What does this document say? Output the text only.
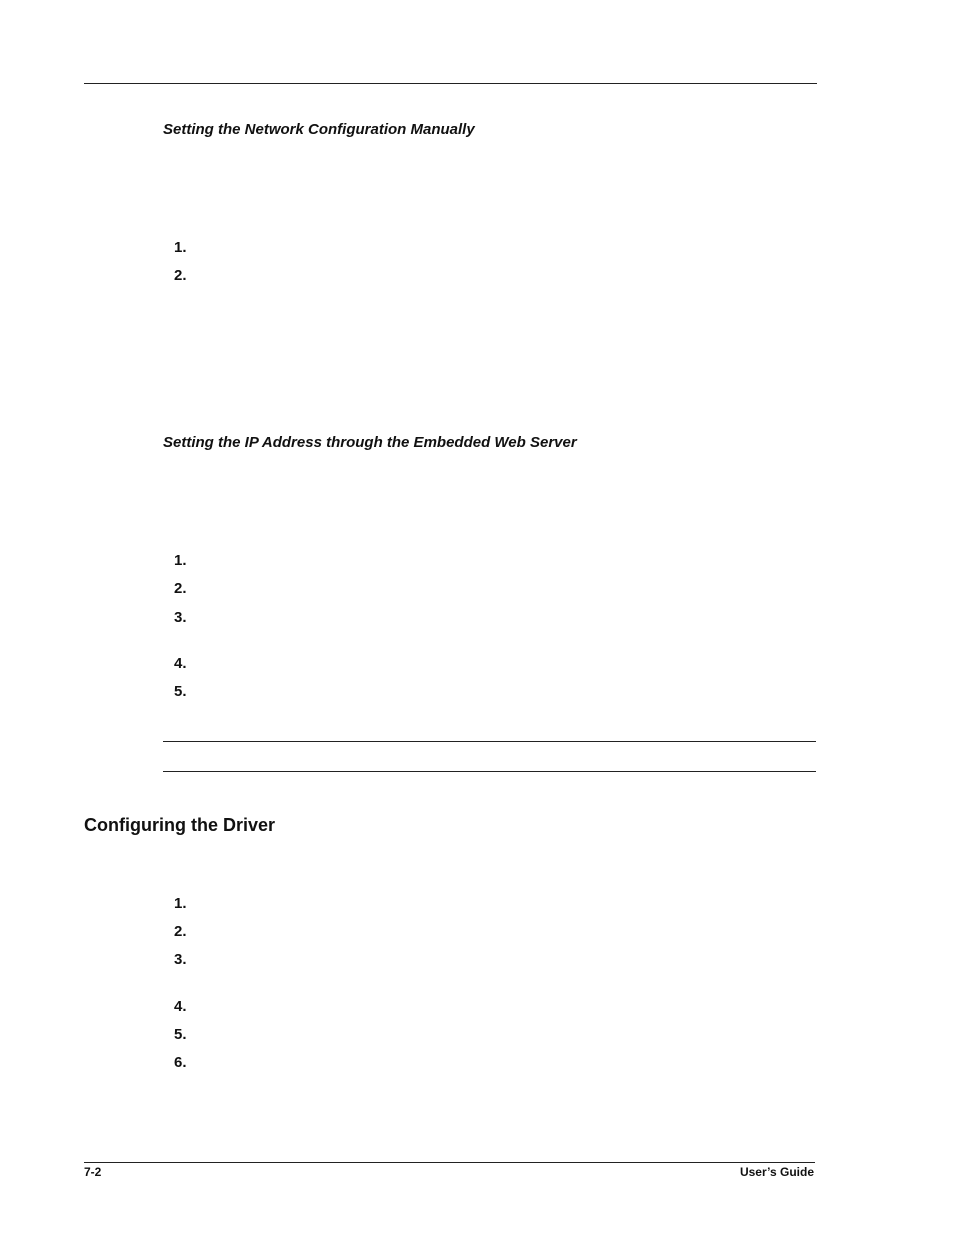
Setting the Network Configuration Manually
1.
2.
Setting the IP Address through the Embedded Web Server
1.
2.
3.
4.
5.
Configuring the Driver
1.
2.
3.
4.
5.
6.
7-2	User’s Guide
